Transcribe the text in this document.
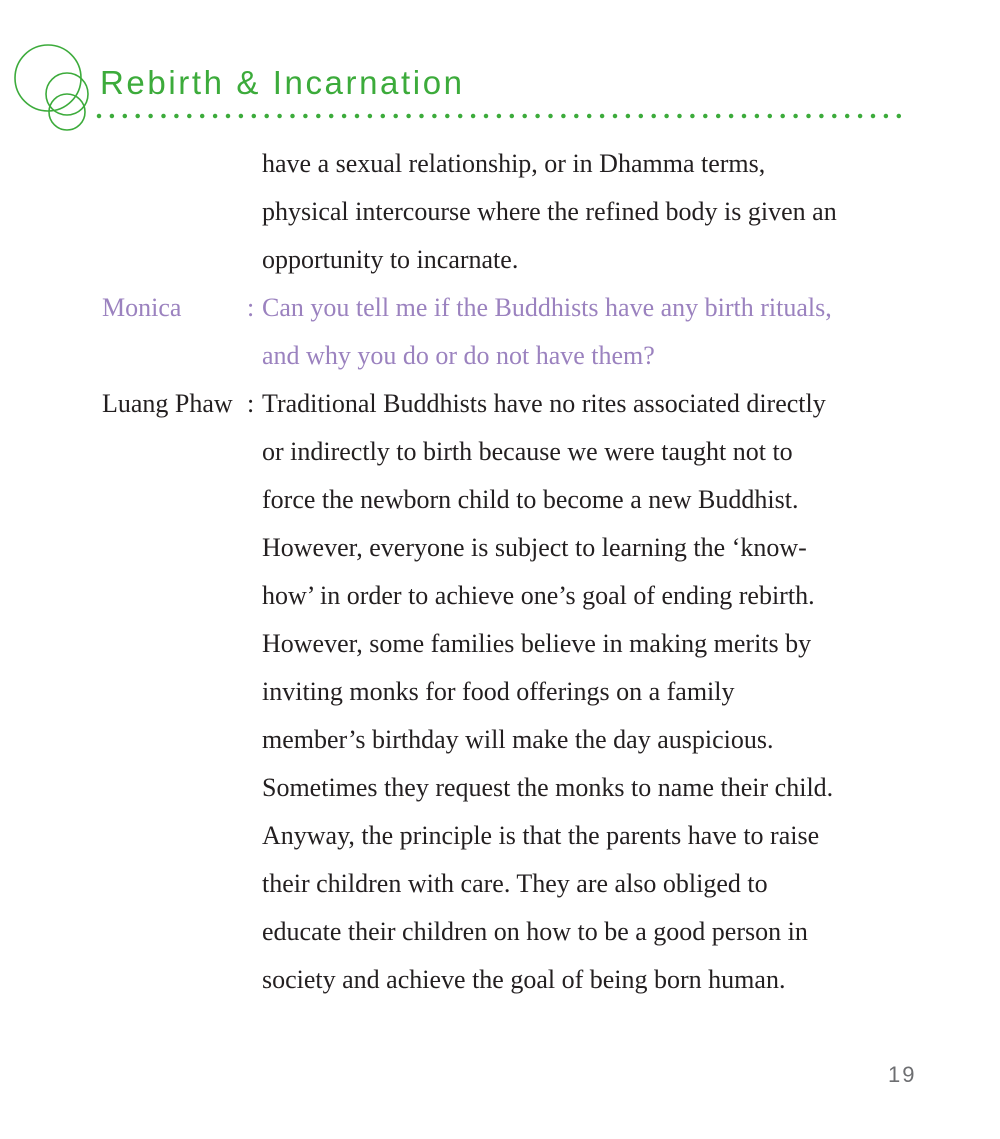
Rebirth & Incarnation
have a sexual relationship, or in Dhamma terms,
physical intercourse where the refined body is given an
opportunity to incarnate.
Monica	: Can you tell me if the Buddhists have any birth rituals,
and why you do or do not have them?
Luang Phaw : Traditional Buddhists have no rites associated directly
or indirectly to birth because we were taught not to
force the newborn child to become a new Buddhist.
However, everyone is subject to learning the ‘know-
how’ in order to achieve one’s goal of ending rebirth.
However, some families believe in making merits by
inviting monks for food offerings on a family
member’s birthday will make the day auspicious.
Sometimes they request the monks to name their child.
Anyway, the principle is that the parents have to raise
their children with care. They are also obliged to
educate their children on how to be a good person in
society and achieve the goal of being born human.
19
